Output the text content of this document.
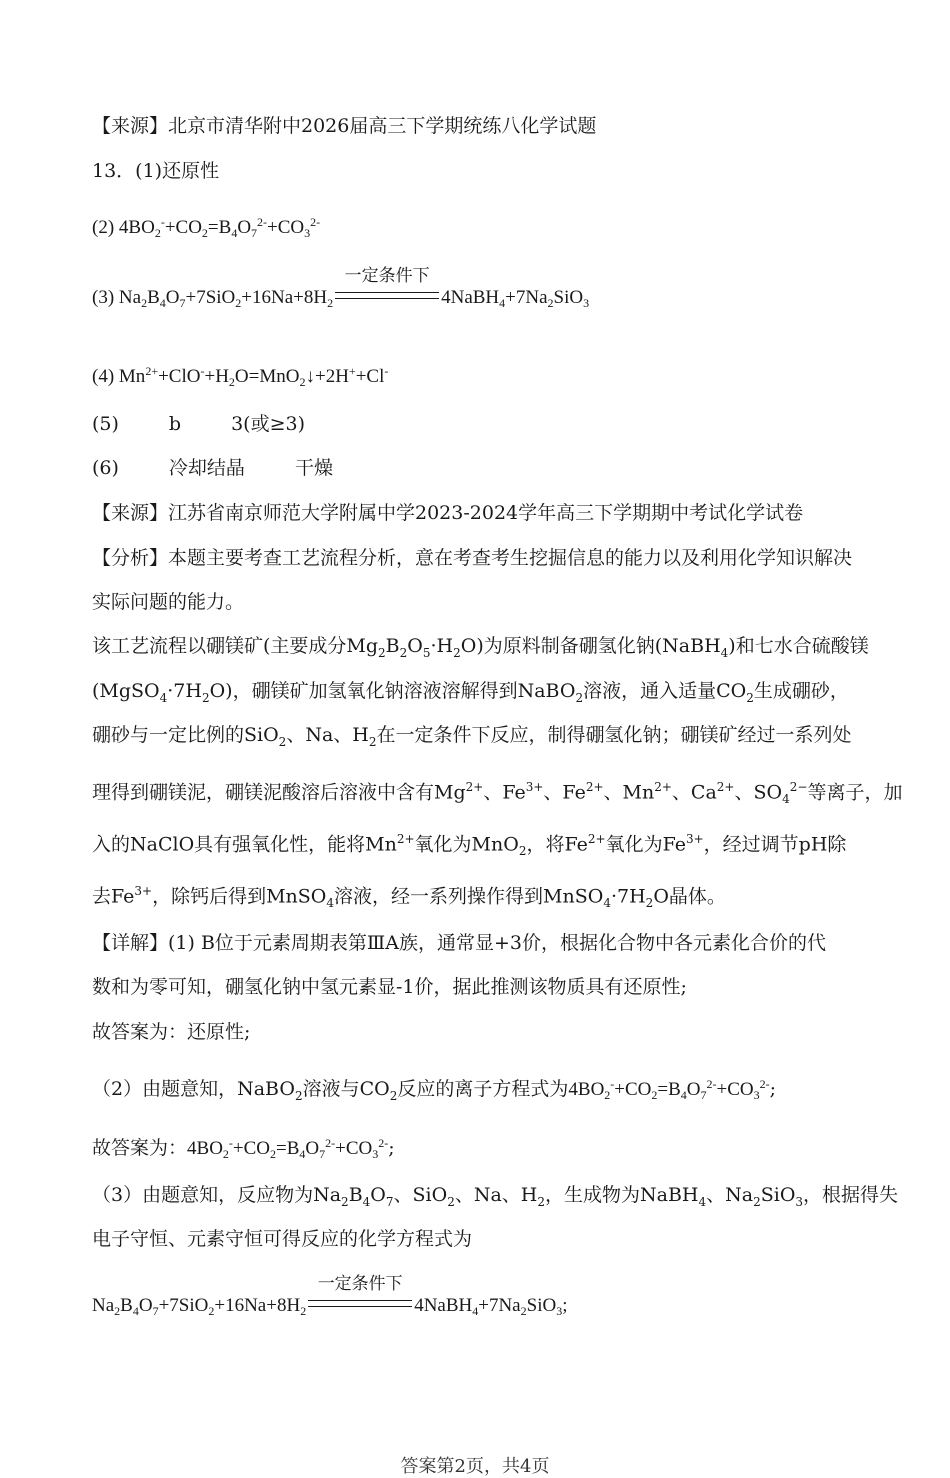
【来源】北京市清华附中2026届高三下学期统练八化学试题
13．(1)还原性
(2) $4BO_2^-+CO_2=B_4O_7^{2-}+CO_3^{2-}$
(3) $Na_2B_4O_7+7SiO_2+16Na+8H_2$
一定条件下
$4NaBH_4+7Na_2SiO_3$
(4) $Mn^{2+}+ClO^-+H_2O=MnO_2↓+2H^++Cl^-$
(5)	b	3(或≥3)
(6)	冷却结晶	干燥
【来源】江苏省南京师范大学附属中学2023-2024学年高三下学期期中考试化学试卷
【分析】本题主要考查工艺流程分析，意在考查考生挖掘信息的能力以及利用化学知识解决
实际问题的能力。
该工艺流程以硼镁矿(主要成分$Mg_2B_2O_5\cdot H_2O$)为原料制备硼氢化钠(NaBH$_4$)和七水合硫酸镁
$(MgSO_4\cdot 7H_2O)$，硼镁矿加氢氧化钠溶液溶解得到NaBO$_2$溶液，通入适量$CO_2$生成硼砂，
硼砂与一定比例的SiO$_2$、Na、$H_2$在一定条件下反应，制得硼氢化钠；硼镁矿经过一系列处
理得到硼镁泥，硼镁泥酸溶后溶液中含有$Mg^{2+}$、$Fe^{3+}$、$Fe^{2+}$、$Mn^{2+}$、$Ca^{2+}$、$SO_4^{2-}$等离子，加
入的NaClO具有强氧化性，能将$Mn^{2+}$氧化为MnO$_2$，将$Fe^{2+}$氧化为$Fe^{3+}$，经过调节pH除
去$Fe^{3+}$，除钙后得到MnSO$_4$溶液，经一系列操作得到$MnSO_4\cdot 7H_2O$晶体。
【详解】(1) B位于元素周期表第ⅢA族，通常显+3价，根据化合物中各元素化合价的代
数和为零可知，硼氢化钠中氢元素显-1价，据此推测该物质具有还原性;
故答案为：还原性;
（2）由题意知，NaBO$_2$溶液与$CO_2$反应的离子方程式为$4BO_2^-+CO_2=B_4O_7^{2-}+CO_3^{2-}$;
故答案为：$4BO_2^-+CO_2=B_4O_7^{2-}+CO_3^{2-}$;
（3）由题意知，反应物为$Na_2B_4O_7$、SiO$_2$、Na、$H_2$，生成物为NaBH$_4$、$Na_2SiO_3$，根据得失
电子守恒、元素守恒可得反应的化学方程式为
$Na_2B_4O_7+7SiO_2+16Na+8H_2$
一定条件下
$4NaBH_4+7Na_2SiO_3$;
答案第2页，共4页
